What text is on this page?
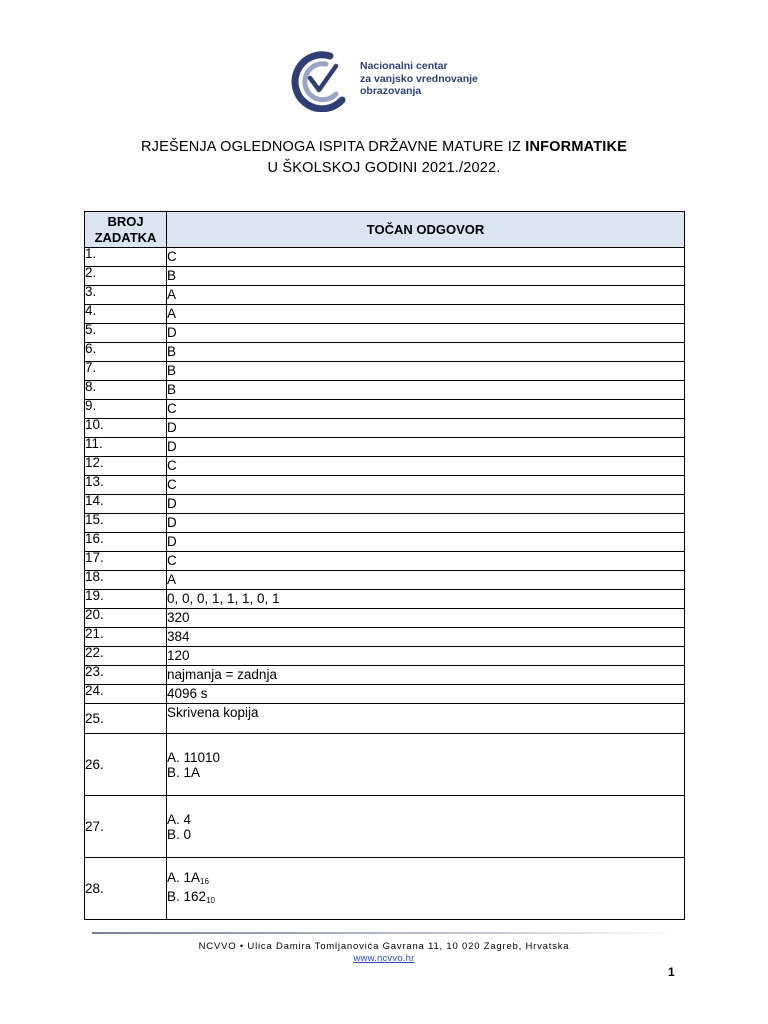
Nacionalni centar
za vanjsko vrednovanje
obrazovanja
RJEŠENJA OGLEDNOGA ISPITA DRŽAVNE MATURE IZ INFORMATIKE
U ŠKOLSKOJ GODINI 2021./2022.
BROJ ZADATKA	TOČAN ODGOVOR
1.	C
2.	B
3.	A
4.	A
5.	D
6.	B
7.	B
8.	B
9.	C
10.	D
11.	D
12.	C
13.	C
14.	D
15.	D
16.	D
17.	C
18.	A
19.	0, 0, 0, 1, 1, 1, 0, 1
20.	320
21.	384
22.	120
23.	najmanja = zadnja
24.	4096 s
25.	Skrivena kopija
26.	A. 11010
B. 1A

27.	A. 4
B. 0

28.	A. $1A_{16}$
B. $162_{10}$
NCVVO • Ulica Damira Tomljanovića Gavrana 11, 10 020 Zagreb, Hrvatska
www.ncvvo.hr
1
